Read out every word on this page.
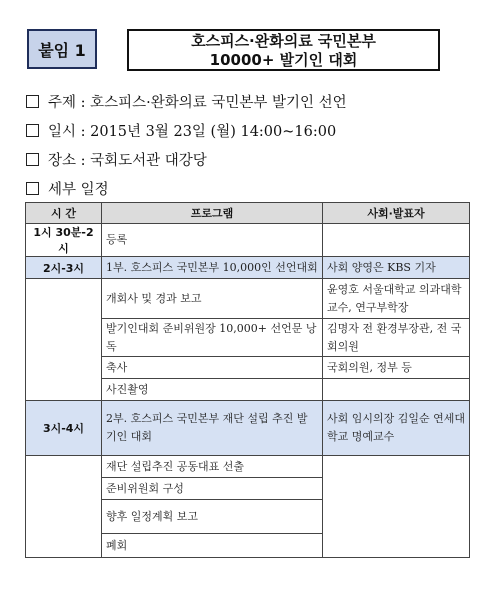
붙임 1	호스피스·완화의료 국민본부
10000+ 발기인 대회
주제 : 호스피스·완화의료 국민본부 발기인 선언
일시 : 2015년 3월 23일 (월) 14:00~16:00
장소 : 국회도서관 대강당
세부 일정
시 간	프로그램	사회·발표자
1시 30분-2시	등록	
2시-3시	1부. 호스피스 국민본부 10,000인 선언대회	사회 양영은 KBS 기자
	개회사 및 경과 보고	윤영호 서울대학교 의과대학 교수, 연구부학장
	발기인대회 준비위원장 10,000+ 선언문 낭독	김명자 전 환경부장관, 전 국회의원
	축사	국회의원, 정부 등
	사진촬영	
3시-4시	2부. 호스피스 국민본부 재단 설립 추진 발기인 대회	사회 임시의장 김일순 연세대학교 명예교수
	재단 설립추진 공동대표 선출	
	준비위원회 구성	
	향후 일정계획 보고	
	폐회	
